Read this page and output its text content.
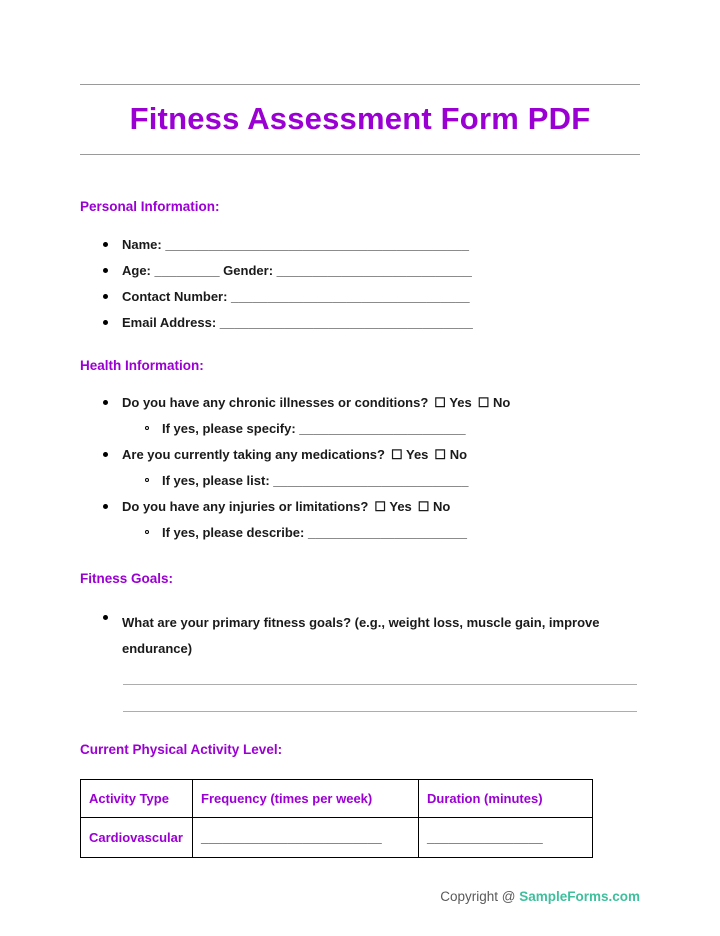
Fitness Assessment Form PDF
Personal Information:
Name: __________________________________________
Age: _________ Gender: ___________________________
Contact Number: _________________________________
Email Address: ___________________________________
Health Information:
Do you have any chronic illnesses or conditions? ☐ Yes ☐ No
If yes, please specify: _______________________
Are you currently taking any medications? ☐ Yes ☐ No
If yes, please list: ___________________________
Do you have any injuries or limitations? ☐ Yes ☐ No
If yes, please describe: ______________________
Fitness Goals:
What are your primary fitness goals? (e.g., weight loss, muscle gain, improve endurance)
Current Physical Activity Level:
Activity Type	Frequency (times per week)	Duration (minutes)
Cardiovascular	_________________________	________________
Copyright @ SampleForms.com
